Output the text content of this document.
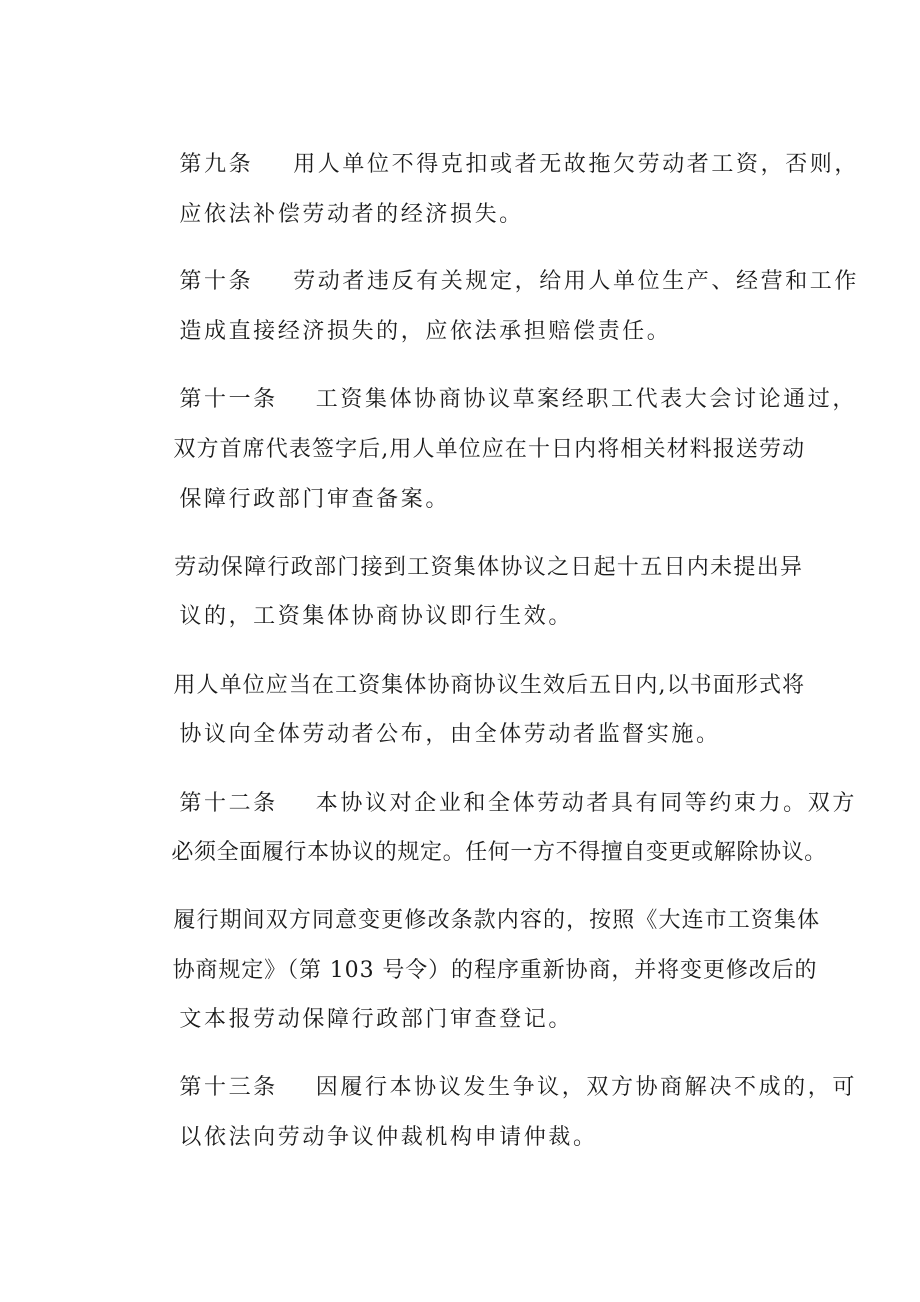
第九条 用人单位不得克扣或者无故拖欠劳动者工资，否则，

应依法补偿劳动者的经济损失。

第十条 劳动者违反有关规定，给用人单位生产、经营和工作

造成直接经济损失的，应依法承担赔偿责任。

第十一条 工资集体协商协议草案经职工代表大会讨论通过，

双方首席代表签字后,用人单位应在十日内将相关材料报送劳动

保障行政部门审查备案。

劳动保障行政部门接到工资集体协议之日起十五日内未提出异

议的，工资集体协商协议即行生效。

用人单位应当在工资集体协商协议生效后五日内,以书面形式将

协议向全体劳动者公布，由全体劳动者监督实施。

第十二条 本协议对企业和全体劳动者具有同等约束力。双方

必须全面履行本协议的规定。任何一方不得擅自变更或解除协议。

履行期间双方同意变更修改条款内容的，按照《大连市工资集体

协商规定》（第 103 号令）的程序重新协商，并将变更修改后的

文本报劳动保障行政部门审查登记。

第十三条 因履行本协议发生争议，双方协商解决不成的，可

以依法向劳动争议仲裁机构申请仲裁。
